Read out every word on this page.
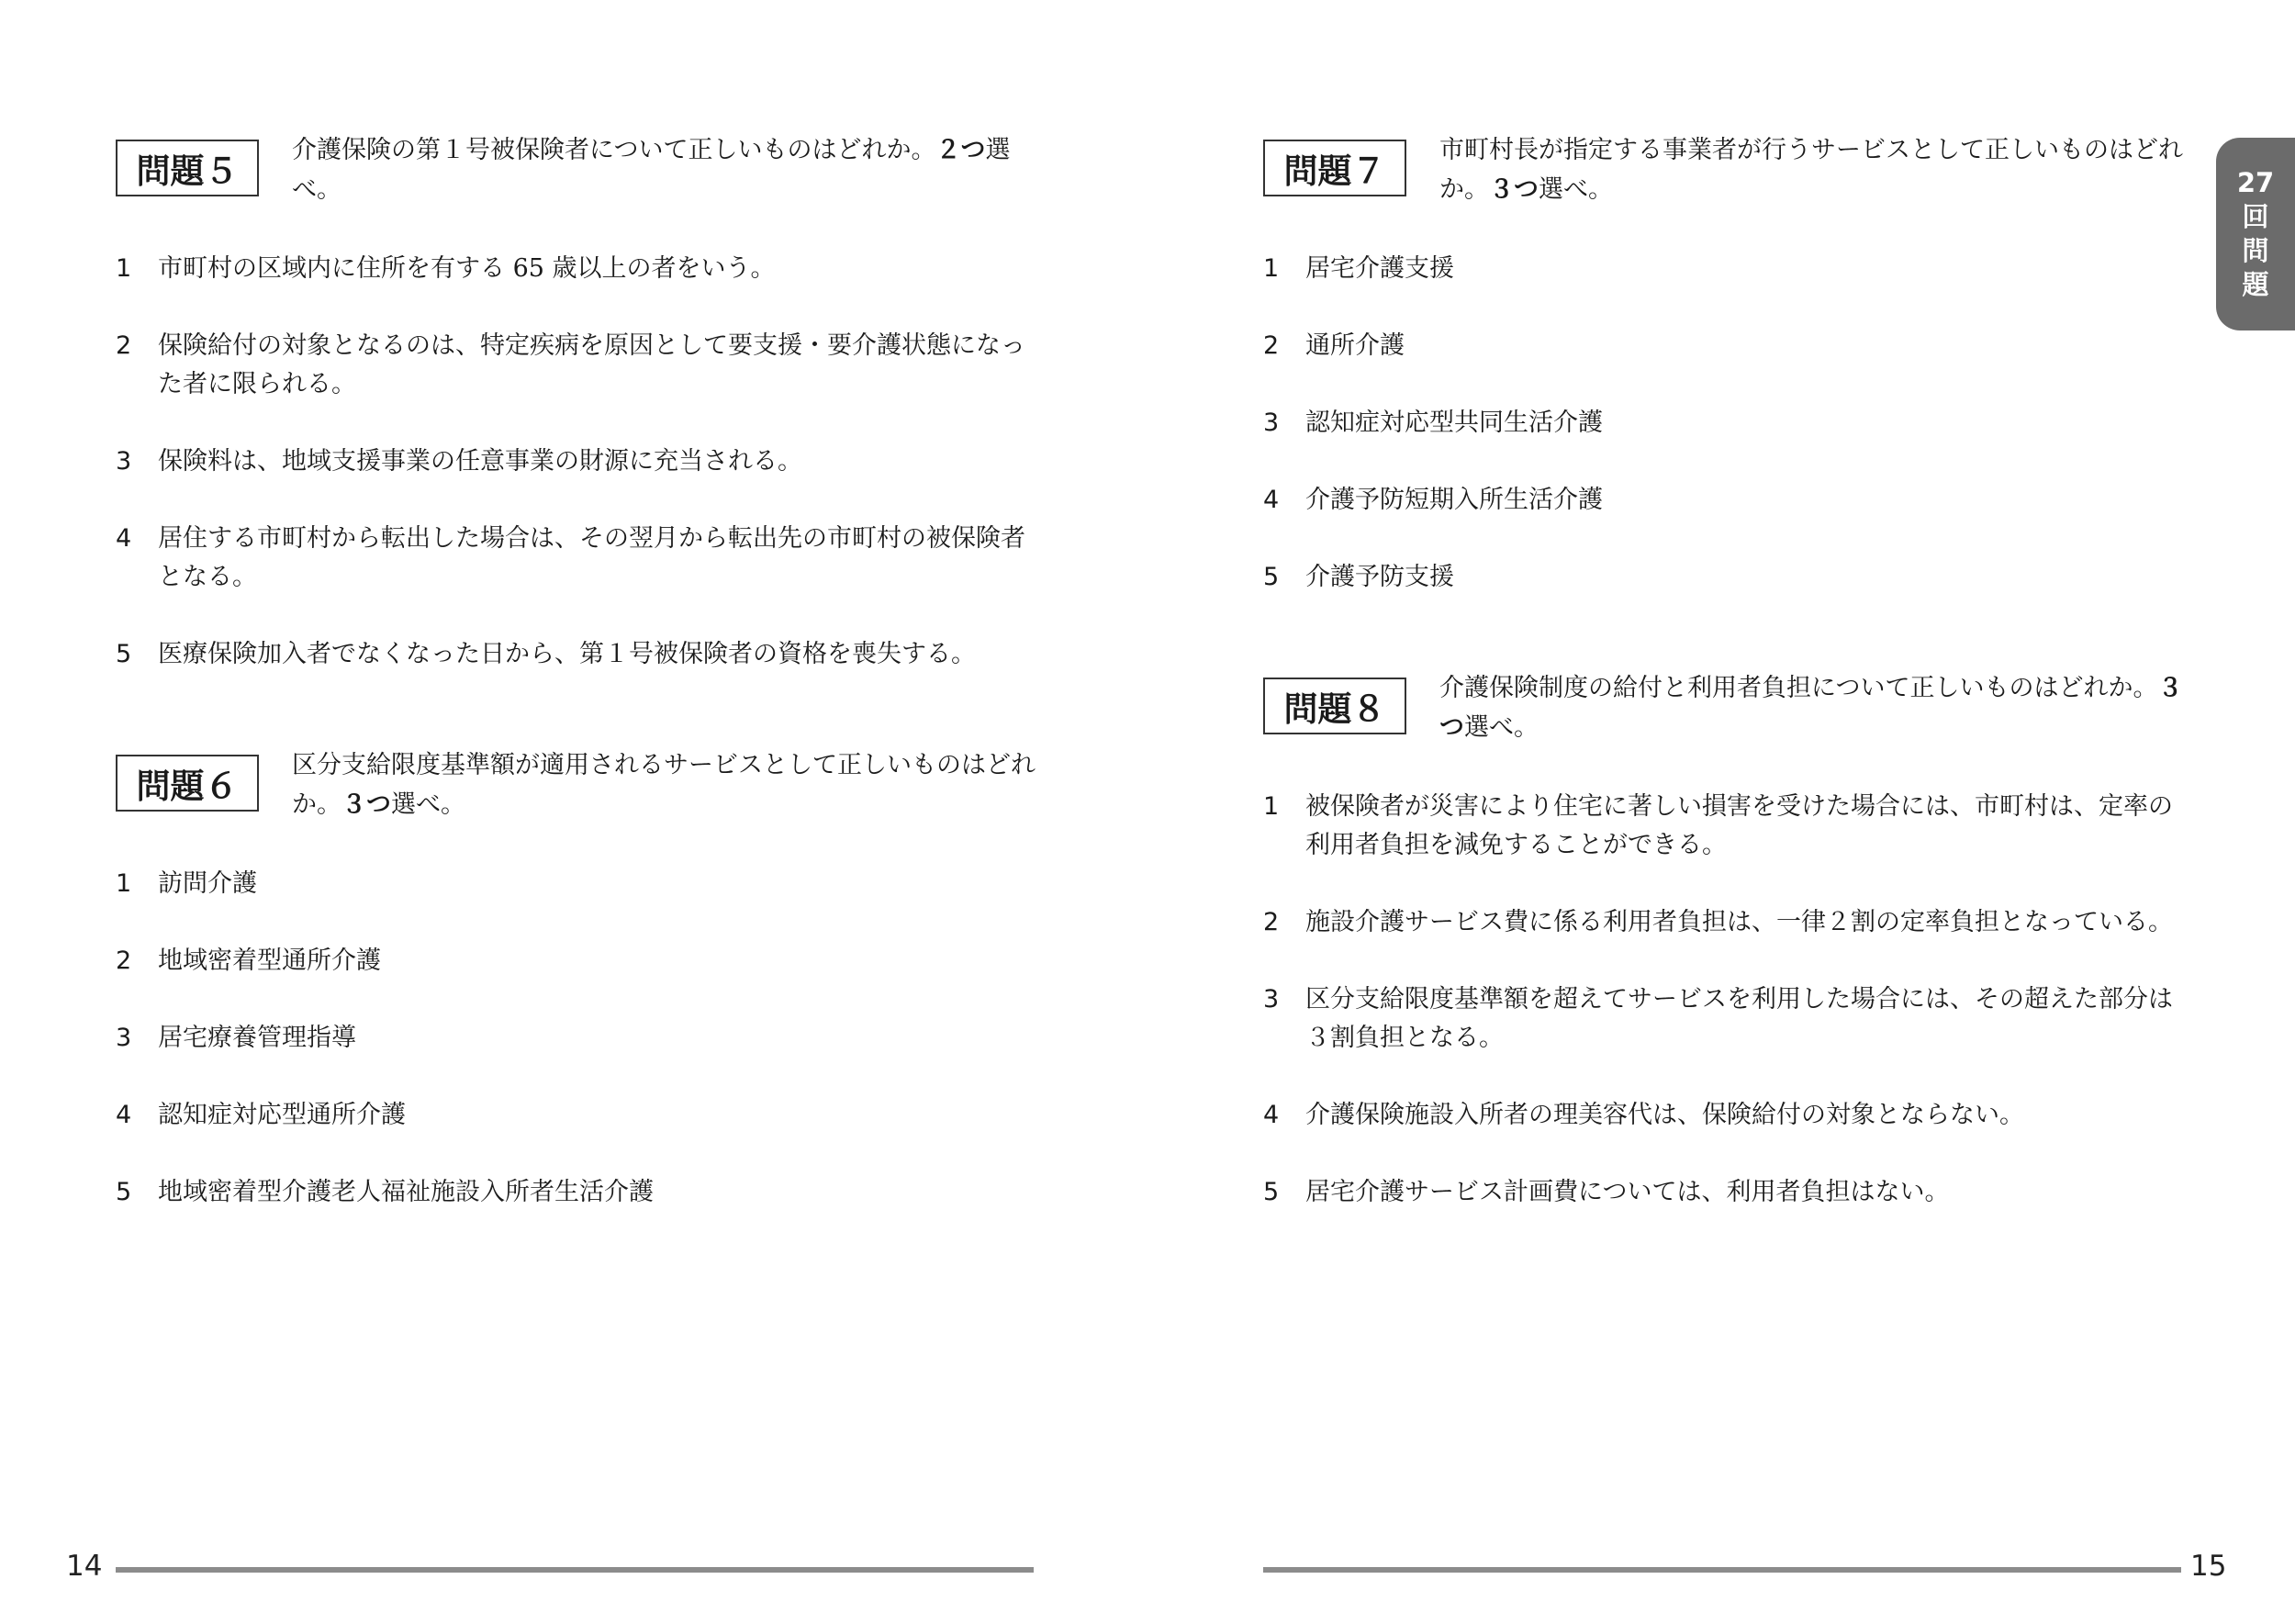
問題５
介護保険の第１号被保険者について正しいものはどれか。２つ選べ。
1 市町村の区域内に住所を有する 65 歳以上の者をいう。
2 保険給付の対象となるのは、特定疾病を原因として要支援・要介護状態になった者に限られる。
3 保険料は、地域支援事業の任意事業の財源に充当される。
4 居住する市町村から転出した場合は、その翌月から転出先の市町村の被保険者となる。
5 医療保険加入者でなくなった日から、第１号被保険者の資格を喪失する。
問題６
区分支給限度基準額が適用されるサービスとして正しいものはどれか。３つ選べ。
1 訪問介護
2 地域密着型通所介護
3 居宅療養管理指導
4 認知症対応型通所介護
5 地域密着型介護老人福祉施設入所者生活介護
14
問題７
市町村長が指定する事業者が行うサービスとして正しいものはどれか。３つ選べ。
1 居宅介護支援
2 通所介護
3 認知症対応型共同生活介護
4 介護予防短期入所生活介護
5 介護予防支援
問題８
介護保険制度の給付と利用者負担について正しいものはどれか。３つ選べ。
1 被保険者が災害により住宅に著しい損害を受けた場合には、市町村は、定率の利用者負担を減免することができる。
2 施設介護サービス費に係る利用者負担は、一律２割の定率負担となっている。
3 区分支給限度基準額を超えてサービスを利用した場合には、その超えた部分は３割負担となる。
4 介護保険施設入所者の理美容代は、保険給付の対象とならない。
5 居宅介護サービス計画費については、利用者負担はない。
15
27
回
問
題
